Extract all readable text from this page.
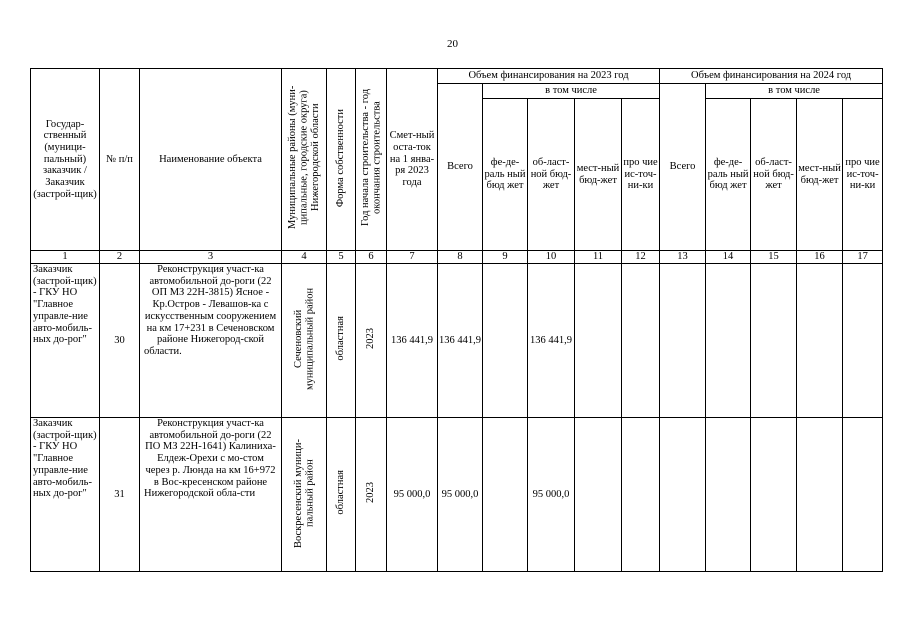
20
Государ-ственный (муници-пальный) заказчик / Заказчик (застрой-щик)	№ п/п	Наименование объекта	Муниципальные районы (муни-ципальные, городские округа) Нижегородской области	Форма собственности	Год начала строительства - год окончания строительства	Смет-ный оста-ток на 1 янва-ря 2023 года	Объем финансирования на 2023 год					Объем финансирования на 2024 год				
							Всего	в том числе				Всего	в том числе			
								фе-де-раль ный бюд жет	об-ласт-ной бюд-жет	мест-ный бюд-жет	про чие ис-точ-ни-ки		фе-де-раль ный бюд жет	об-ласт-ной бюд-жет	мест-ный бюд-жет	про чие ис-точ-ни-ки
1	2	3	4	5	6	7	8	9	10	11	12	13	14	15	16	17
Заказчик (застрой-щик) - ГКУ НО "Главное управле-ние авто-мобиль-ных до-рог"	30	Реконструкция участ-ка автомобильной до-роги (22 ОП МЗ 22Н-3815) Ясное - Кр.Остров - Левашов-ка с искусственным сооружением на км 17+231 в Сеченовском районе Нижегород-ской области.	Сеченовский муниципальный район	областная	2023	136 441,9	136 441,9		136 441,9							
Заказчик (застрой-щик) - ГКУ НО "Главное управле-ние авто-мобиль-ных до-рог"	31	Реконструкция участ-ка автомобильной до-роги (22 ПО МЗ 22Н-1641) Калиниха-Елдеж-Орехи с мо-стом через р. Люнда на км 16+972 в Вос-кресенском районе Нижегородской обла-сти	Воскресенский муници-пальный район	областная	2023	95 000,0	95 000,0		95 000,0							
